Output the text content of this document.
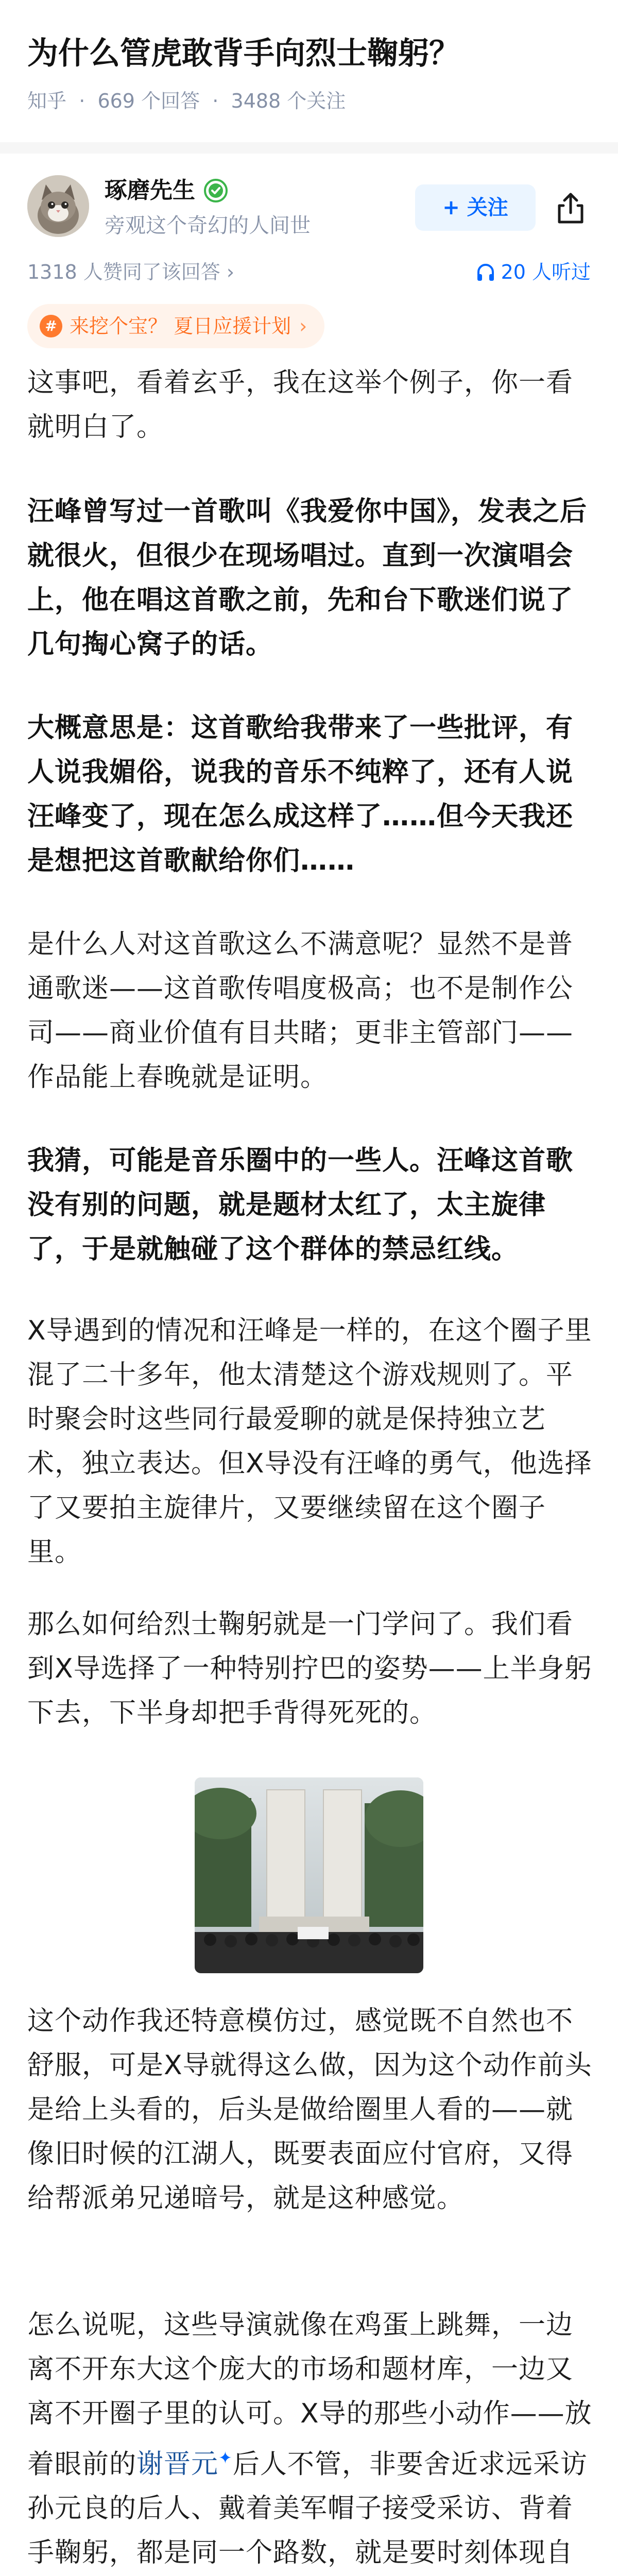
为什么管虎敢背手向烈士鞠躬？
知乎  ·  669 个回答  ·  3488 个关注
琢磨先生
旁观这个奇幻的人间世
+ 关注
1318 人赞同了该回答 ›	20 人听过
# 来挖个宝？ 夏日应援计划 ›
这事吧，看着玄乎，我在这举个例子，你一看就明白了。
汪峰曾写过一首歌叫《我爱你中国》，发表之后就很火，但很少在现场唱过。直到一次演唱会上，他在唱这首歌之前，先和台下歌迷们说了几句掏心窝子的话。
大概意思是：这首歌给我带来了一些批评，有人说我媚俗，说我的音乐不纯粹了，还有人说汪峰变了，现在怎么成这样了……但今天我还是想把这首歌献给你们……
是什么人对这首歌这么不满意呢？显然不是普通歌迷——这首歌传唱度极高；也不是制作公司——商业价值有目共睹；更非主管部门——作品能上春晚就是证明。
我猜，可能是音乐圈中的一些人。汪峰这首歌没有别的问题，就是题材太红了，太主旋律了，于是就触碰了这个群体的禁忌红线。
X导遇到的情况和汪峰是一样的，在这个圈子里混了二十多年，他太清楚这个游戏规则了。平时聚会时这些同行最爱聊的就是保持独立艺术，独立表达。但X导没有汪峰的勇气，他选择了又要拍主旋律片，又要继续留在这个圈子里。
那么如何给烈士鞠躬就是一门学问了。我们看到X导选择了一种特别拧巴的姿势——上半身躬下去，下半身却把手背得死死的。
这个动作我还特意模仿过，感觉既不自然也不舒服，可是X导就得这么做，因为这个动作前头是给上头看的，后头是做给圈里人看的——就像旧时候的江湖人，既要表面应付官府，又得给帮派弟兄递暗号，就是这种感觉。
怎么说呢，这些导演就像在鸡蛋上跳舞，一边离不开东大这个庞大的市场和题材库，一边又离不开圈子里的认可。X导的那些小动作——放着眼前的谢晋元✦后人不管，非要舍近求远采访孙元良的后人、戴着美军帽子接受采访、背着手鞠躬，都是同一个路数，就是要时刻体现自
